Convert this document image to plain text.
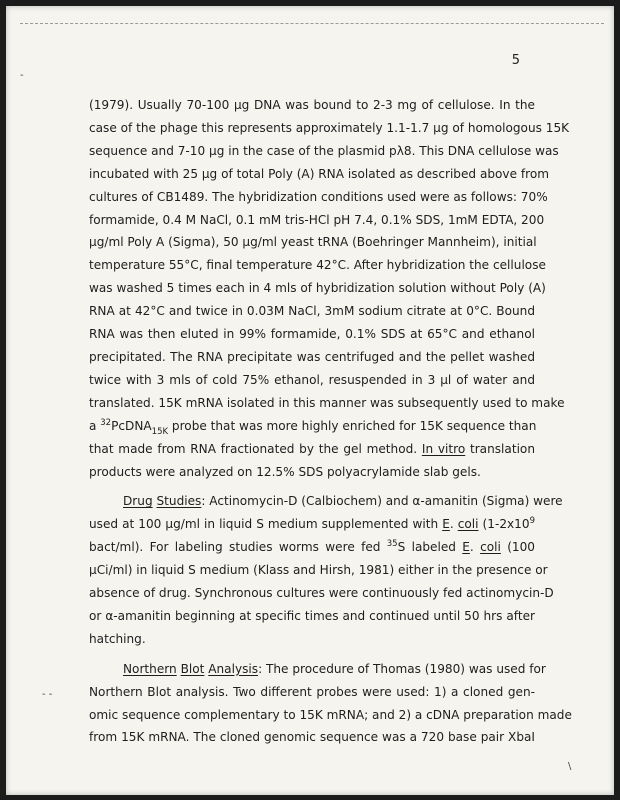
-
- -
\
5

(1979). Usually 70-100 μg DNA was bound to 2-3 mg of cellulose. In the
case of the phage this represents approximately 1.1-1.7 μg of homologous 15K
sequence and 7-10 μg in the case of the plasmid pλ8. This DNA cellulose was
incubated with 25 μg of total Poly (A) RNA isolated as described above from
cultures of CB1489. The hybridization conditions used were as follows: 70%
formamide, 0.4 M NaCl, 0.1 mM tris-HCl pH 7.4, 0.1% SDS, 1mM EDTA, 200
μg/ml Poly A (Sigma), 50 μg/ml yeast tRNA (Boehringer Mannheim), initial
temperature 55°C, final temperature 42°C. After hybridization the cellulose
was washed 5 times each in 4 mls of hybridization solution without Poly (A)
RNA at 42°C and twice in 0.03M NaCl, 3mM sodium citrate at 0°C. Bound
RNA was then eluted in 99% formamide, 0.1% SDS at 65°C and ethanol
precipitated. The RNA precipitate was centrifuged and the pellet washed
twice with 3 mls of cold 75% ethanol, resuspended in 3 μl of water and
translated. 15K mRNA isolated in this manner was subsequently used to make
a $^{32}$PcDNA$_{15K}$ probe that was more highly enriched for 15K sequence than
that made from RNA fractionated by the gel method. In vitro translation
products were analyzed on 12.5% SDS polyacrylamide slab gels.

Drug Studies: Actinomycin-D (Calbiochem) and α-amanitin (Sigma) were
used at 100 μg/ml in liquid S medium supplemented with E. coli ($1-2x10^9$
bact/ml). For labeling studies worms were fed $^{35}$S labeled E. coli (100
μCi/ml) in liquid S medium (Klass and Hirsh, 1981) either in the presence or
absence of drug. Synchronous cultures were continuously fed actinomycin-D
or α-amanitin beginning at specific times and continued until 50 hrs after
hatching.

Northern Blot Analysis: The procedure of Thomas (1980) was used for
Northern Blot analysis. Two different probes were used: 1) a cloned gen-
omic sequence complementary to 15K mRNA; and 2) a cDNA preparation made
from 15K mRNA. The cloned genomic sequence was a 720 base pair XbaI
